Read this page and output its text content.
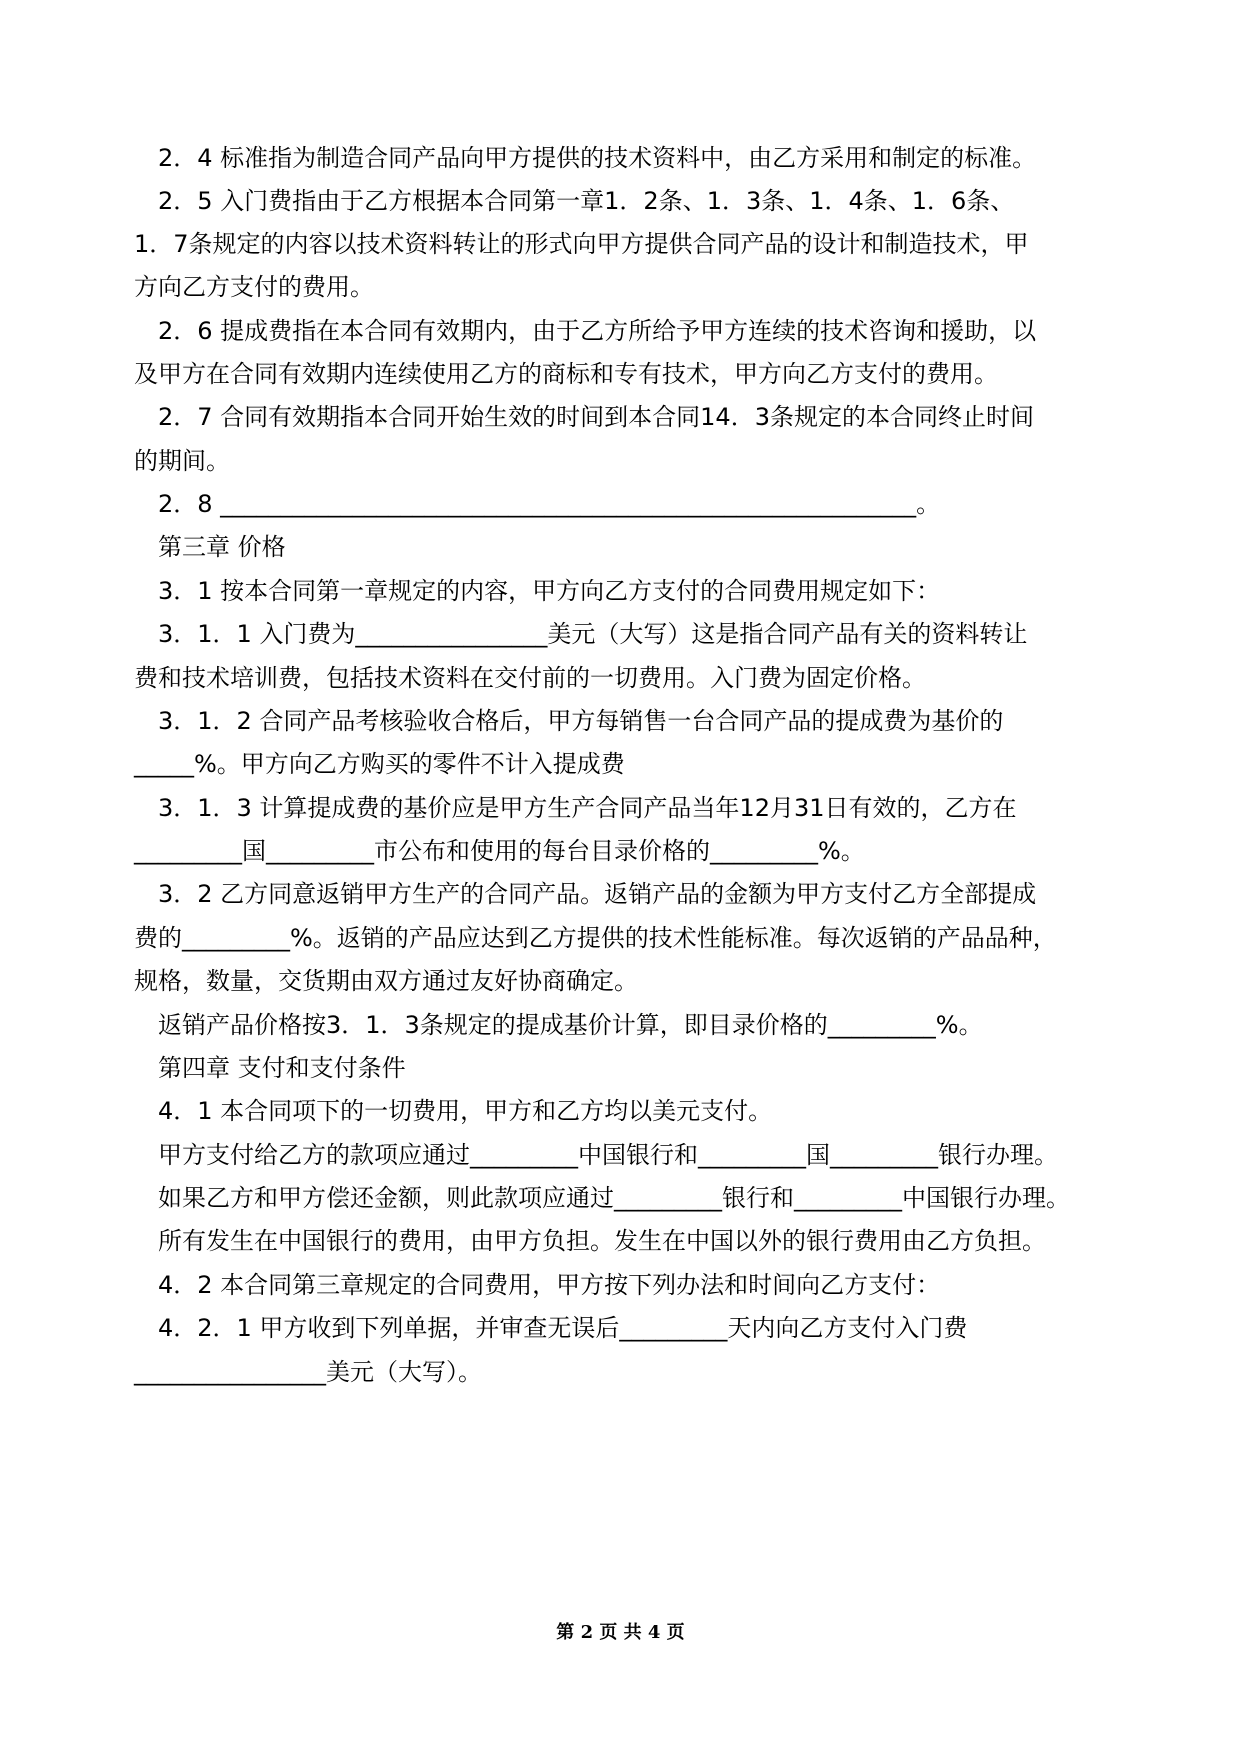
2．4 标准指为制造合同产品向甲方提供的技术资料中，由乙方采用和制定的标准。
2．5 入门费指由于乙方根据本合同第一章1．2条、1．3条、1．4条、1．6条、
1．7条规定的内容以技术资料转让的形式向甲方提供合同产品的设计和制造技术，甲
方向乙方支付的费用。
2．6 提成费指在本合同有效期内，由于乙方所给予甲方连续的技术咨询和援助，以
及甲方在合同有效期内连续使用乙方的商标和专有技术，甲方向乙方支付的费用。
2．7 合同有效期指本合同开始生效的时间到本合同14．3条规定的本合同终止时间
的期间。
2．8 __________________________________________________________。
第三章 价格
3．1 按本合同第一章规定的内容，甲方向乙方支付的合同费用规定如下：
3．1．1 入门费为________________美元（大写）这是指合同产品有关的资料转让
费和技术培训费，包括技术资料在交付前的一切费用。入门费为固定价格。
3．1．2 合同产品考核验收合格后，甲方每销售一台合同产品的提成费为基价的
_____%。甲方向乙方购买的零件不计入提成费
3．1．3 计算提成费的基价应是甲方生产合同产品当年12月31日有效的，乙方在
_________国_________市公布和使用的每台目录价格的_________%。
3．2 乙方同意返销甲方生产的合同产品。返销产品的金额为甲方支付乙方全部提成
费的_________%。返销的产品应达到乙方提供的技术性能标准。每次返销的产品品种，
规格，数量，交货期由双方通过友好协商确定。
返销产品价格按3．1．3条规定的提成基价计算，即目录价格的_________%。
第四章 支付和支付条件
4．1 本合同项下的一切费用，甲方和乙方均以美元支付。
甲方支付给乙方的款项应通过_________中国银行和_________国_________银行办理。
如果乙方和甲方偿还金额，则此款项应通过_________银行和_________中国银行办理。
所有发生在中国银行的费用，由甲方负担。发生在中国以外的银行费用由乙方负担。
4．2 本合同第三章规定的合同费用，甲方按下列办法和时间向乙方支付：
4．2．1 甲方收到下列单据，并审查无误后_________天内向乙方支付入门费
________________美元（大写）。
第 2 页 共 4 页
